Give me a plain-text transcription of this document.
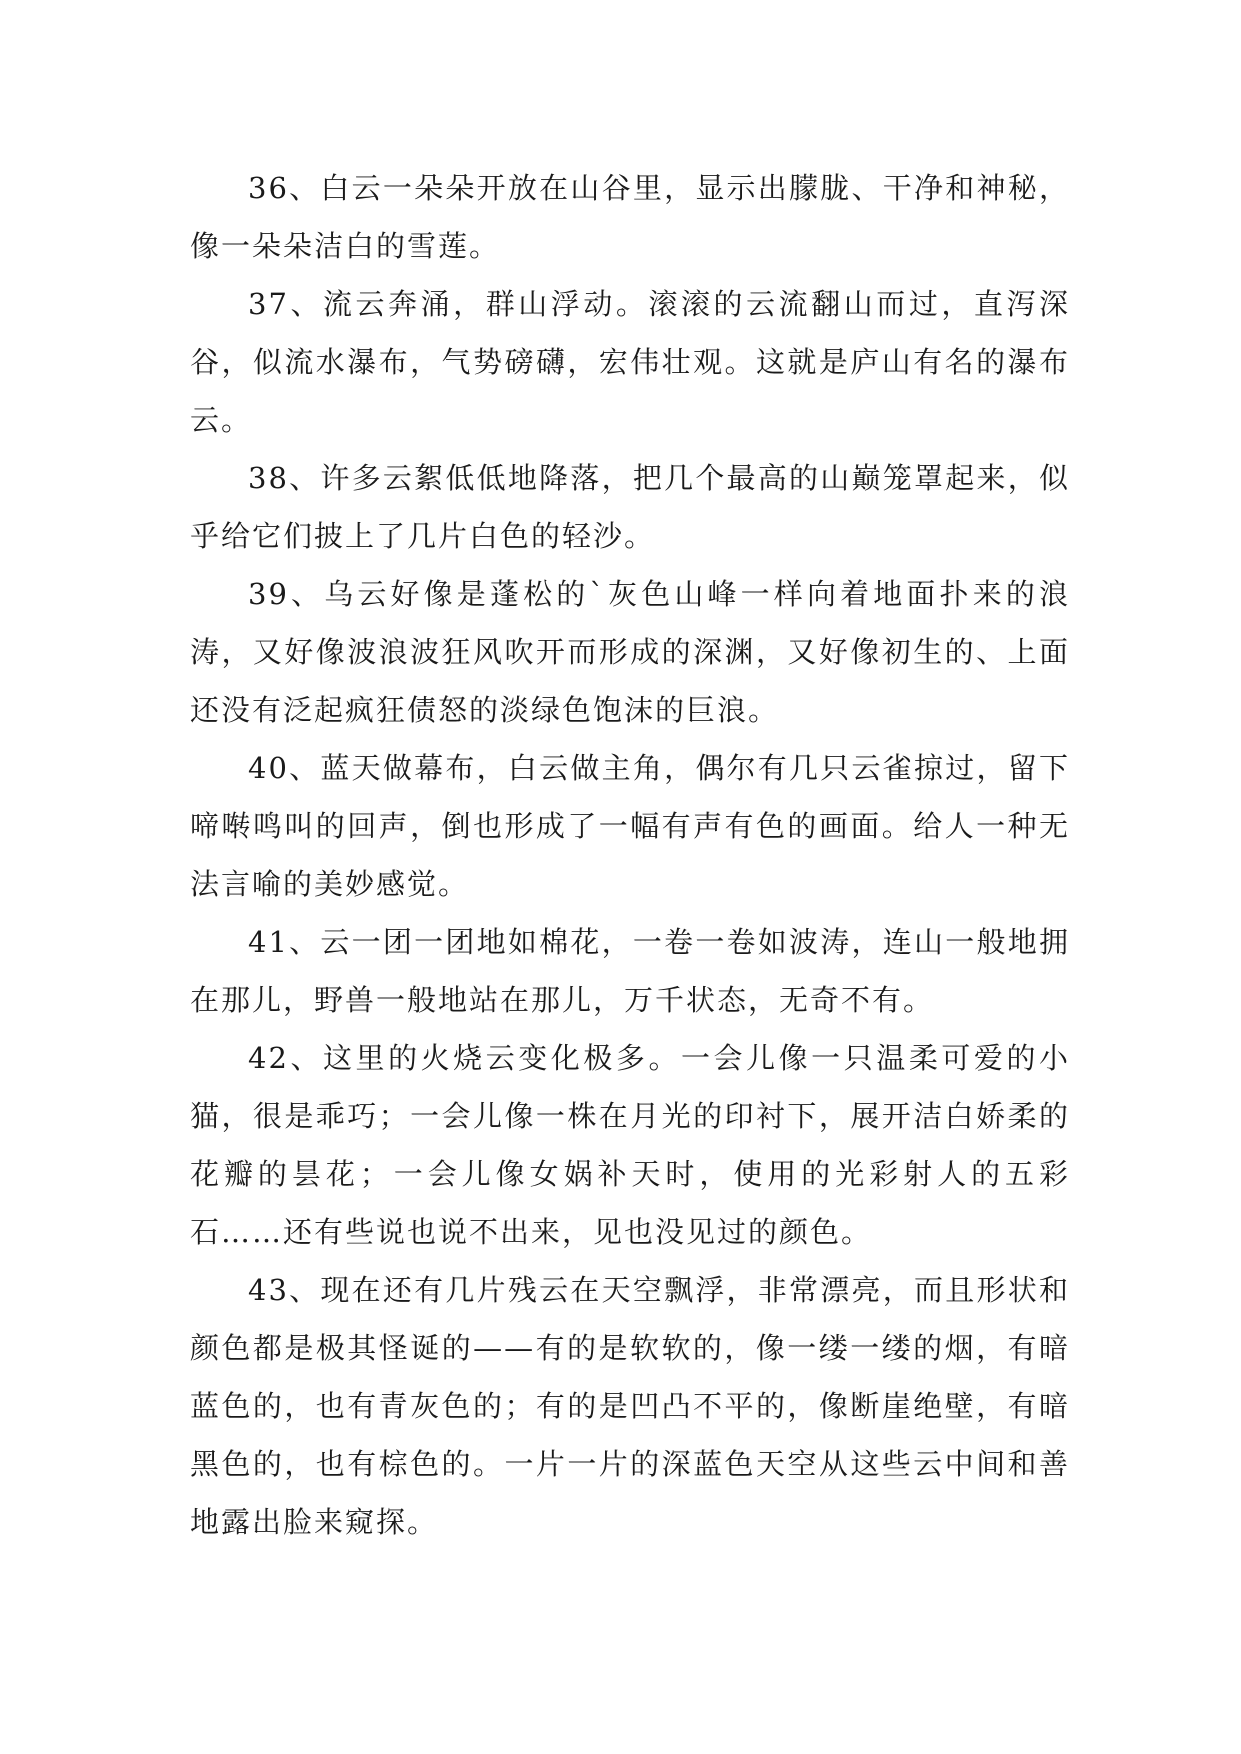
36、白云一朵朵开放在山谷里，显示出朦胧、干净和神秘，像一朵朵洁白的雪莲。

37、流云奔涌，群山浮动。滚滚的云流翻山而过，直泻深谷，似流水瀑布，气势磅礴，宏伟壮观。这就是庐山有名的瀑布云。

38、许多云絮低低地降落，把几个最高的山巅笼罩起来，似乎给它们披上了几片白色的轻沙。

39、乌云好像是蓬松的`灰色山峰一样向着地面扑来的浪涛，又好像波浪波狂风吹开而形成的深渊，又好像初生的、上面还没有泛起疯狂债怒的淡绿色饱沫的巨浪。

40、蓝天做幕布，白云做主角，偶尔有几只云雀掠过，留下啼啭鸣叫的回声，倒也形成了一幅有声有色的画面。给人一种无法言喻的美妙感觉。

41、云一团一团地如棉花，一卷一卷如波涛，连山一般地拥在那儿，野兽一般地站在那儿，万千状态，无奇不有。

42、这里的火烧云变化极多。一会儿像一只温柔可爱的小猫，很是乖巧；一会儿像一株在月光的印衬下，展开洁白娇柔的花瓣的昙花；一会儿像女娲补天时，使用的光彩射人的五彩石……还有些说也说不出来，见也没见过的颜色。

43、现在还有几片残云在天空飘浮，非常漂亮，而且形状和颜色都是极其怪诞的——有的是软软的，像一缕一缕的烟，有暗蓝色的，也有青灰色的；有的是凹凸不平的，像断崖绝壁，有暗黑色的，也有棕色的。一片一片的深蓝色天空从这些云中间和善地露出脸来窥探。
